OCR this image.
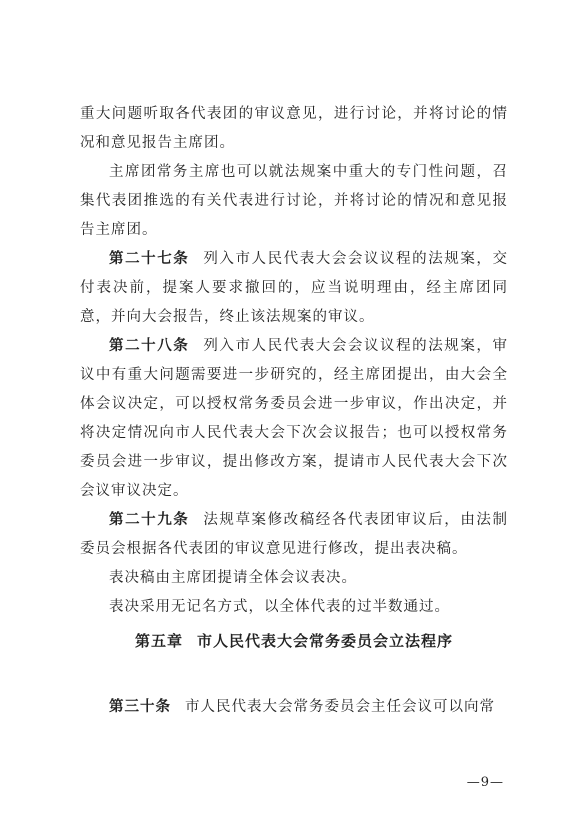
重大问题听取各代表团的审议意见，进行讨论，并将讨论的情况和意见报告主席团。

主席团常务主席也可以就法规案中重大的专门性问题，召集代表团推选的有关代表进行讨论，并将讨论的情况和意见报告主席团。

第二十七条 列入市人民代表大会会议议程的法规案，交付表决前，提案人要求撤回的，应当说明理由，经主席团同意，并向大会报告，终止该法规案的审议。

第二十八条 列入市人民代表大会会议议程的法规案，审议中有重大问题需要进一步研究的，经主席团提出，由大会全体会议决定，可以授权常务委员会进一步审议，作出决定，并将决定情况向市人民代表大会下次会议报告；也可以授权常务委员会进一步审议，提出修改方案，提请市人民代表大会下次会议审议决定。

第二十九条 法规草案修改稿经各代表团审议后，由法制委员会根据各代表团的审议意见进行修改，提出表决稿。

表决稿由主席团提请全体会议表决。

表决采用无记名方式，以全体代表的过半数通过。

第五章 市人民代表大会常务委员会立法程序
第三十条 市人民代表大会常务委员会主任会议可以向常
—9—
